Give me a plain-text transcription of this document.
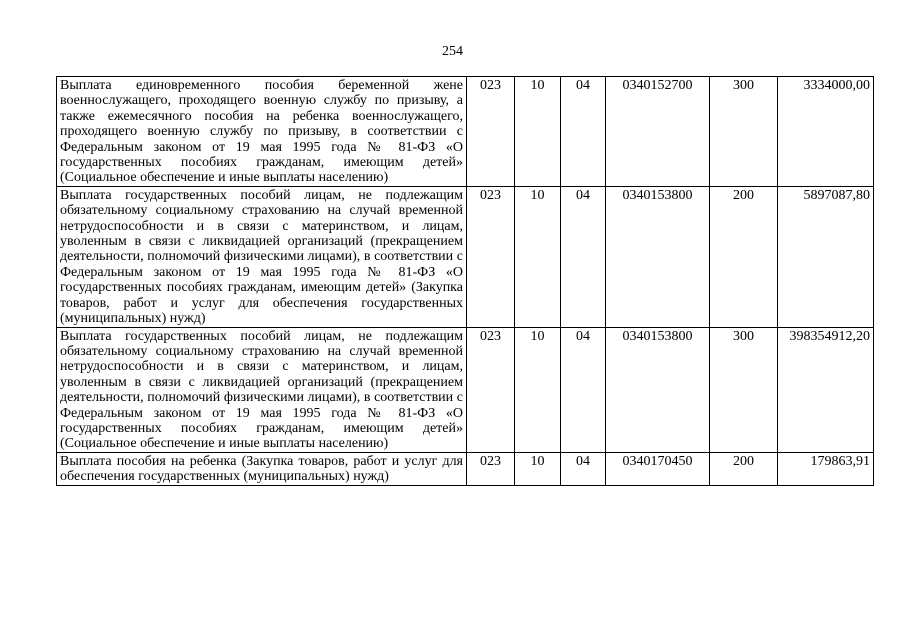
254
Выплата единовременного пособия беременной жене военнослужащего, проходящего военную службу по призыву, а также ежемесячного пособия на ребенка военнослужащего, проходящего военную службу по призыву, в соответствии с Федеральным законом от 19 мая 1995 года № 81-ФЗ «О государственных пособиях гражданам, имеющим детей» (Социальное обеспечение и иные выплаты населению)	023	10	04	0340152700	300	3334000,00
Выплата государственных пособий лицам, не подлежащим обязательному социальному страхованию на случай временной нетрудоспособности и в связи с материнством, и лицам, уволенным в связи с ликвидацией организаций (прекращением деятельности, полномочий физическими лицами), в соответствии с Федеральным законом от 19 мая 1995 года № 81-ФЗ «О государственных пособиях гражданам, имеющим детей» (Закупка товаров, работ и услуг для обеспечения государственных (муниципальных) нужд)	023	10	04	0340153800	200	5897087,80
Выплата государственных пособий лицам, не подлежащим обязательному социальному страхованию на случай временной нетрудоспособности и в связи с материнством, и лицам, уволенным в связи с ликвидацией организаций (прекращением деятельности, полномочий физическими лицами), в соответствии с Федеральным законом от 19 мая 1995 года № 81-ФЗ «О государственных пособиях гражданам, имеющим детей» (Социальное обеспечение и иные выплаты населению)	023	10	04	0340153800	300	398354912,20
Выплата пособия на ребенка (Закупка товаров, работ и услуг для обеспечения государственных (муниципальных) нужд)	023	10	04	0340170450	200	179863,91
